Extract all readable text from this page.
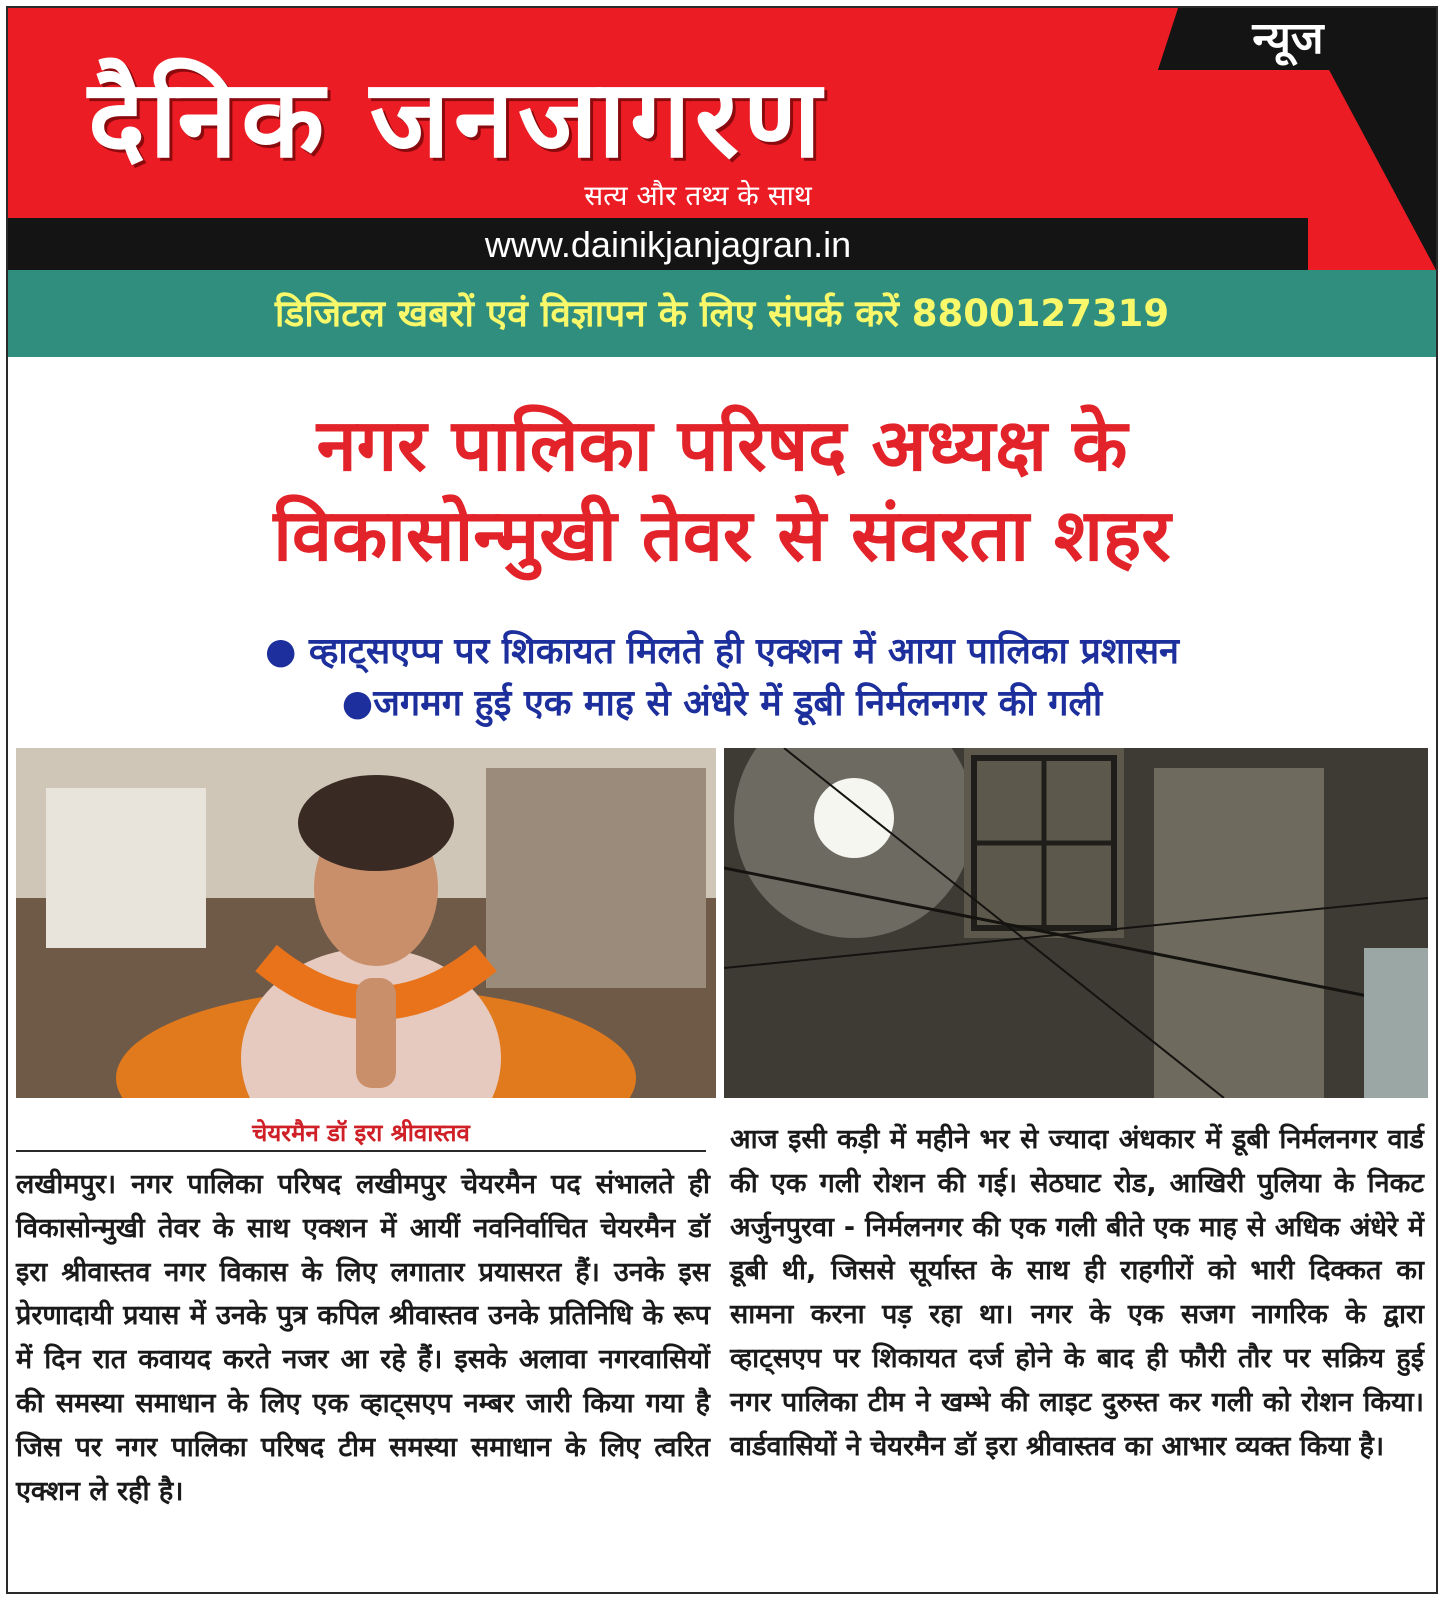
न्यूज
दैनिक जनजागरण
सत्य और तथ्य के साथ
www.dainikjanjagran.in
डिजिटल खबरों एवं विज्ञापन के लिए संपर्क करें 8800127319
नगर पालिका परिषद अध्यक्ष के
विकासोन्मुखी तेवर से संवरता शहर
● व्हाट्सएप्प पर शिकायत मिलते ही एक्शन में आया पालिका प्रशासन
●जगमग हुई एक माह से अंधेरे में डूबी निर्मलनगर की गली
चेयरमैन डॉ इरा श्रीवास्तव
लखीमपुर। नगर पालिका परिषद लखीमपुर चेयरमैन पद संभालते ही विकासोन्मुखी तेवर के साथ एक्शन में आयीं नवनिर्वाचित चेयरमैन डॉ इरा श्रीवास्तव नगर विकास के लिए लगातार प्रयासरत हैं। उनके इस प्रेरणादायी प्रयास में उनके पुत्र कपिल श्रीवास्तव उनके प्रतिनिधि के रूप में दिन रात कवायद करते नजर आ रहे हैं। इसके अलावा नगरवासियों की समस्या समाधान के लिए एक व्हाट्सएप नम्बर जारी किया गया है जिस पर नगर पालिका परिषद टीम समस्या समाधान के लिए त्वरित एक्शन ले रही है।
आज इसी कड़ी में महीने भर से ज्यादा अंधकार में डूबी निर्मलनगर वार्ड की एक गली रोशन की गई। सेठघाट रोड, आखिरी पुलिया के निकट अर्जुनपुरवा - निर्मलनगर की एक गली बीते एक माह से अधिक अंधेरे में डूबी थी, जिससे सूर्यास्त के साथ ही राहगीरों को भारी दिक्कत का सामना करना पड़ रहा था। नगर के एक सजग नागरिक के द्वारा व्हाट्सएप पर शिकायत दर्ज होने के बाद ही फौरी तौर पर सक्रिय हुई नगर पालिका टीम ने खम्भे की लाइट दुरुस्त कर गली को रोशन किया। वार्डवासियों ने चेयरमैन डॉ इरा श्रीवास्तव का आभार व्यक्त किया है।
